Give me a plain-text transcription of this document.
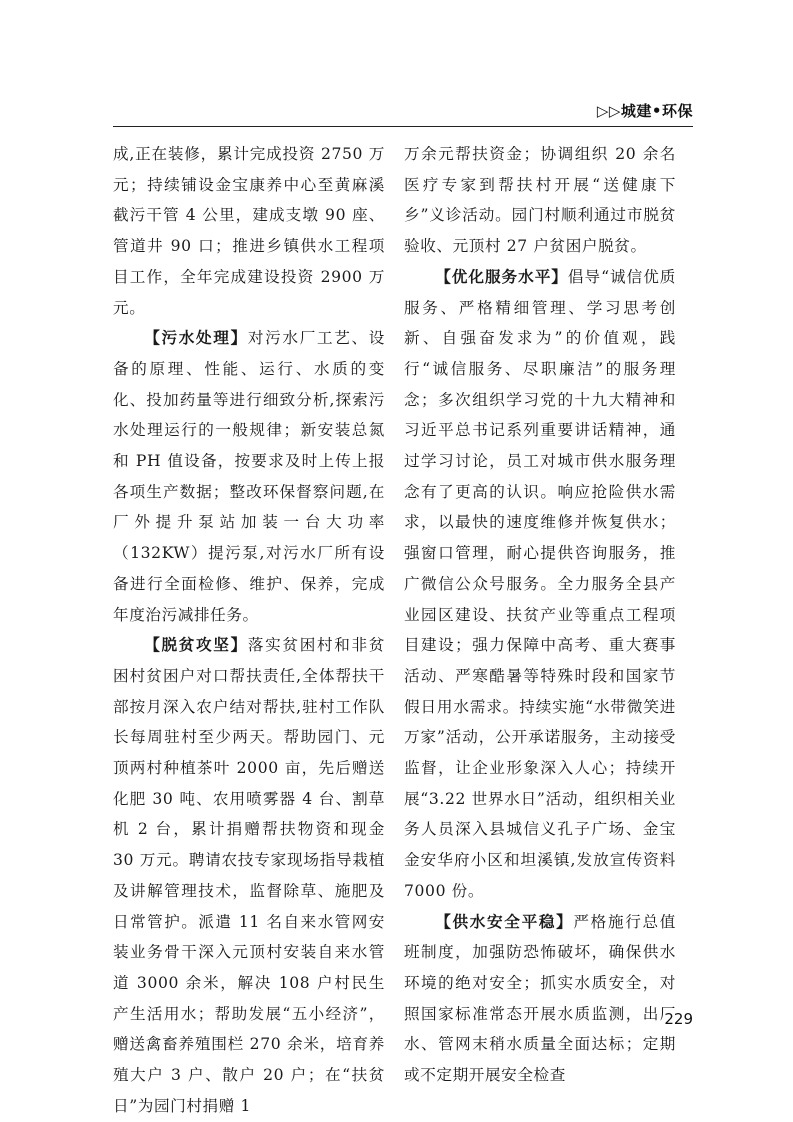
▷▷城建•环保

成,正在装修，累计完成投资 2750 万元；持续铺设金宝康养中心至黄麻溪截污干管 4 公里，建成支墩 90 座、管道井 90 口；推进乡镇供水工程项目工作，全年完成建设投资 2900 万元。

【污水处理】对污水厂工艺、设备的原理、性能、运行、水质的变化、投加药量等进行细致分析,探索污水处理运行的一般规律；新安装总氮和 PH 值设备，按要求及时上传上报各项生产数据；整改环保督察问题,在厂外提升泵站加装一台大功率（132KW）提污泵,对污水厂所有设备进行全面检修、维护、保养，完成年度治污减排任务。

【脱贫攻坚】落实贫困村和非贫困村贫困户对口帮扶责任,全体帮扶干部按月深入农户结对帮扶,驻村工作队长每周驻村至少两天。帮助园门、元顶两村种植茶叶 2000 亩，先后赠送化肥 30 吨、农用喷雾器 4 台、割草机 2 台，累计捐赠帮扶物资和现金 30 万元。聘请农技专家现场指导栽植及讲解管理技术，监督除草、施肥及日常管护。派遣 11 名自来水管网安装业务骨干深入元顶村安装自来水管道 3000 余米，解决 108 户村民生产生活用水；帮助发展“五小经济”，赠送禽畜养殖围栏 270 余米，培育养殖大户 3 户、散户 20 户；在“扶贫日”为园门村捐赠 1

万余元帮扶资金；协调组织 20 余名医疗专家到帮扶村开展“送健康下乡”义诊活动。园门村顺利通过市脱贫验收、元顶村 27 户贫困户脱贫。

【优化服务水平】倡导“诚信优质服务、严格精细管理、学习思考创新、自强奋发求为”的价值观，践行“诚信服务、尽职廉洁”的服务理念；多次组织学习党的十九大精神和习近平总书记系列重要讲话精神，通过学习讨论，员工对城市供水服务理念有了更高的认识。响应抢险供水需求，以最快的速度维修并恢复供水；强窗口管理，耐心提供咨询服务，推广微信公众号服务。全力服务全县产业园区建设、扶贫产业等重点工程项目建设；强力保障中高考、重大赛事活动、严寒酷暑等特殊时段和国家节假日用水需求。持续实施“水带微笑进万家”活动，公开承诺服务，主动接受监督，让企业形象深入人心；持续开展“3.22 世界水日”活动，组织相关业务人员深入县城信义孔子广场、金宝金安华府小区和坦溪镇,发放宣传资料 7000 份。

【供水安全平稳】严格施行总值班制度，加强防恐怖破坏，确保供水环境的绝对安全；抓实水质安全，对照国家标准常态开展水质监测，出厂水、管网末稍水质量全面达标；定期或不定期开展安全检查

229
